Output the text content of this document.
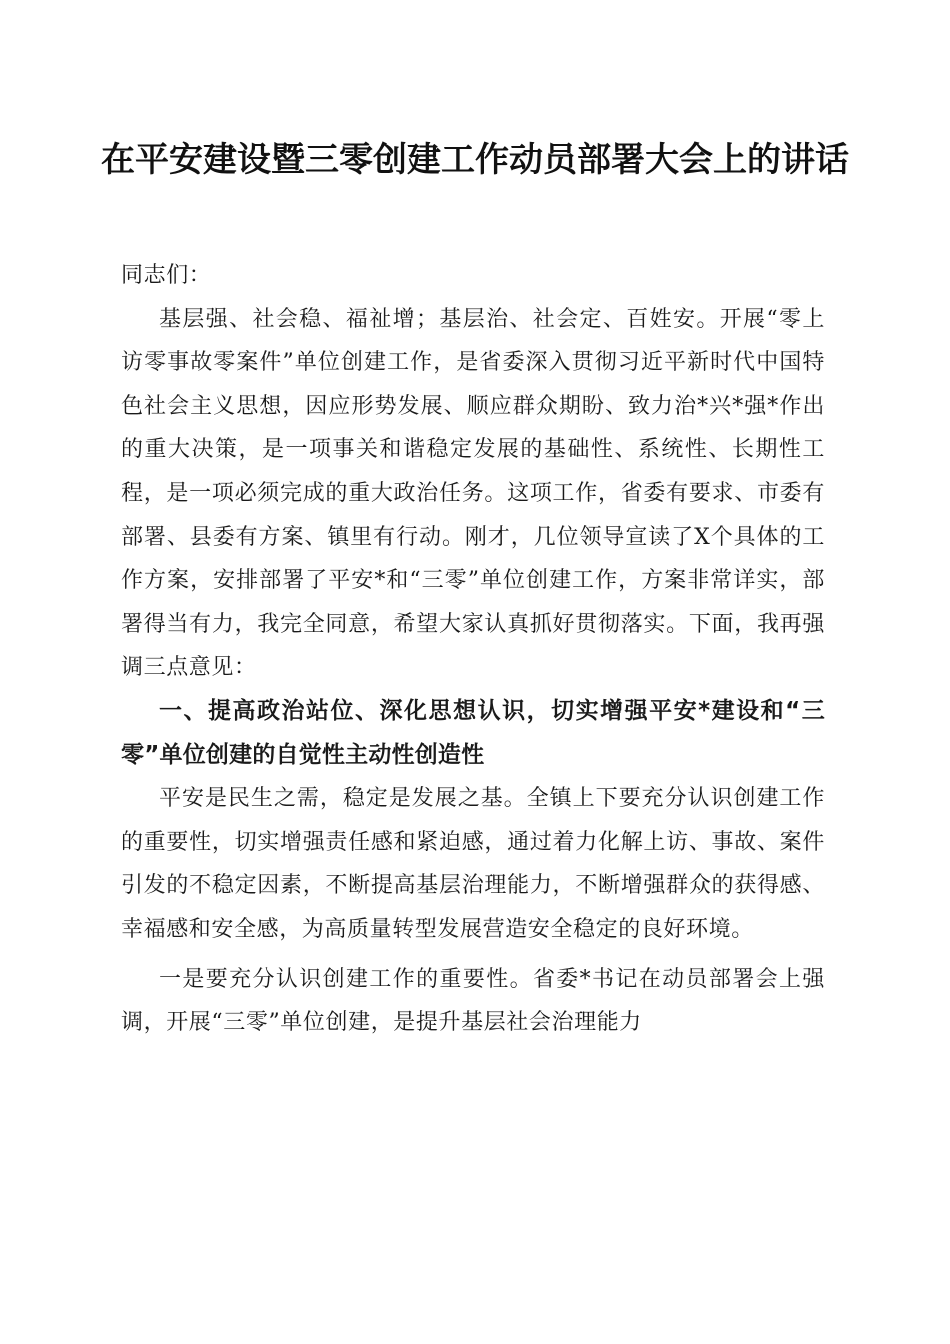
在平安建设暨三零创建工作动员部署大会上的讲话

同志们：

基层强、社会稳、福祉增；基层治、社会定、百姓安。开展“零上访零事故零案件”单位创建工作，是省委深入贯彻习近平新时代中国特色社会主义思想，因应形势发展、顺应群众期盼、致力治*兴*强*作出的重大决策，是一项事关和谐稳定发展的基础性、系统性、长期性工程，是一项必须完成的重大政治任务。这项工作，省委有要求、市委有部署、县委有方案、镇里有行动。刚才，几位领导宣读了X个具体的工作方案，安排部署了平安*和“三零”单位创建工作，方案非常详实，部署得当有力，我完全同意，希望大家认真抓好贯彻落实。下面，我再强调三点意见：

一、提高政治站位、深化思想认识，切实增强平安*建设和“三零”单位创建的自觉性主动性创造性

平安是民生之需，稳定是发展之基。全镇上下要充分认识创建工作的重要性，切实增强责任感和紧迫感，通过着力化解上访、事故、案件引发的不稳定因素，不断提高基层治理能力，不断增强群众的获得感、幸福感和安全感，为高质量转型发展营造安全稳定的良好环境。

一是要充分认识创建工作的重要性。省委*书记在动员部署会上强调，开展“三零”单位创建，是提升基层社会治理能力
